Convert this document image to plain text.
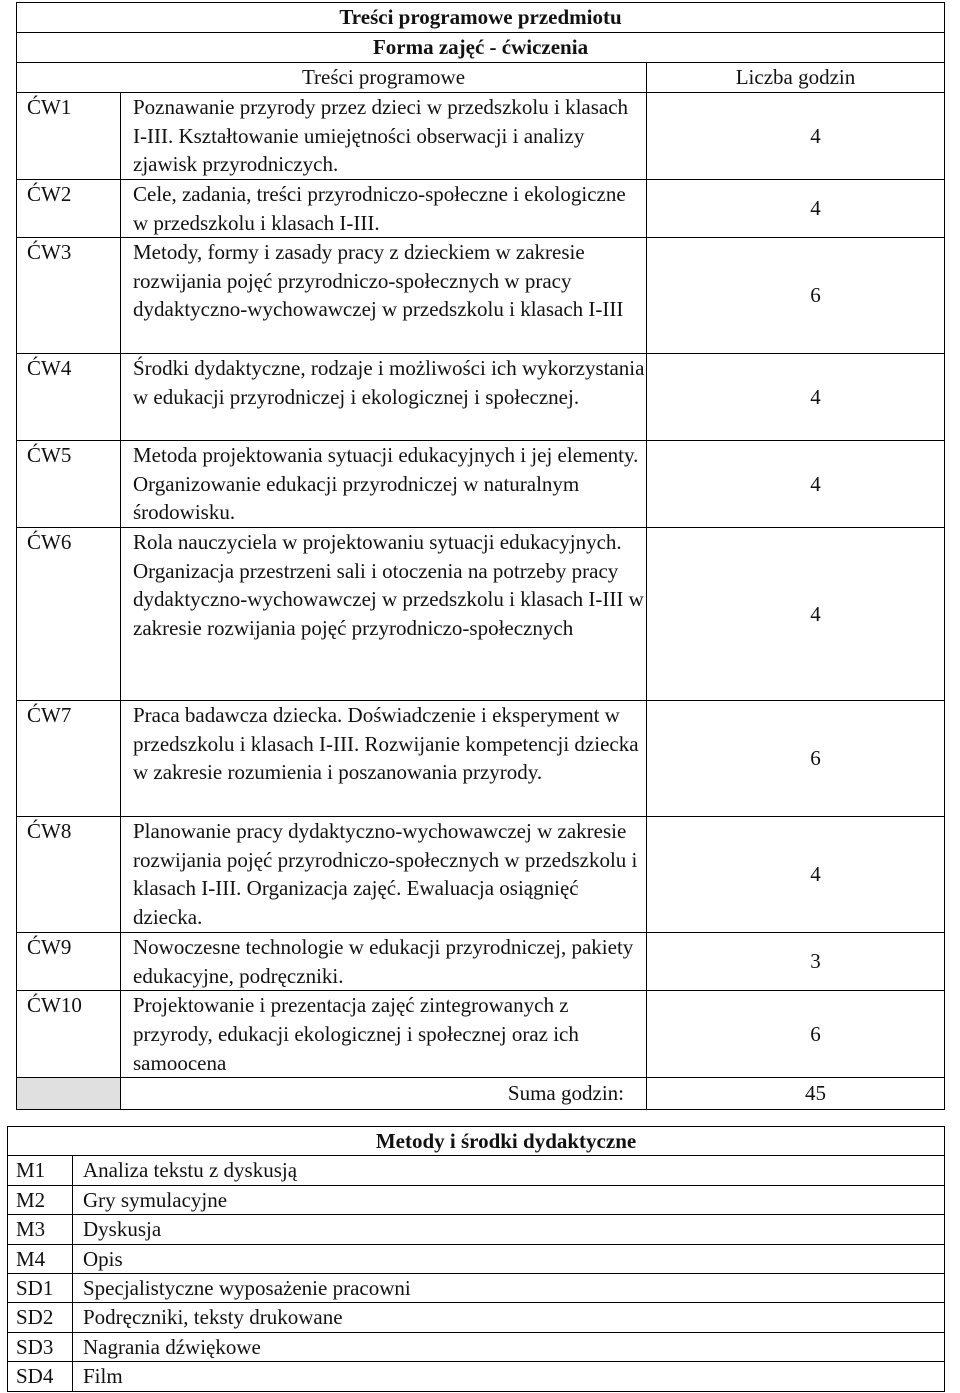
Treści programowe przedmiotu		
Forma zajęć - ćwiczenia		
Treści programowe		Liczba godzin
ĆW1	Poznawanie przyrody przez dzieci w przedszkolu i klasach I-III. Kształtowanie umiejętności obserwacji i analizy zjawisk przyrodniczych.	4
ĆW2	Cele, zadania, treści przyrodniczo-społeczne i ekologiczne w przedszkolu i klasach I-III.	4
ĆW3	Metody, formy i zasady pracy z dzieckiem w zakresie rozwijania pojęć przyrodniczo-społecznych w pracy dydaktyczno-wychowawczej w przedszkolu i klasach I-III	6
ĆW4	Środki dydaktyczne, rodzaje i możliwości ich wykorzystania w edukacji przyrodniczej i ekologicznej i społecznej.	4
ĆW5	Metoda projektowania sytuacji edukacyjnych i jej elementy. Organizowanie edukacji przyrodniczej w naturalnym środowisku.	4
ĆW6	Rola nauczyciela w projektowaniu sytuacji edukacyjnych. Organizacja przestrzeni sali i otoczenia na potrzeby pracy dydaktyczno-wychowawczej w przedszkolu i klasach I-III w zakresie rozwijania pojęć przyrodniczo-społecznych	4
ĆW7	Praca badawcza dziecka. Doświadczenie i eksperyment w przedszkolu i klasach I-III. Rozwijanie kompetencji dziecka w zakresie rozumienia i poszanowania przyrody.	6
ĆW8	Planowanie pracy dydaktyczno-wychowawczej w zakresie rozwijania pojęć przyrodniczo-społecznych w przedszkolu i klasach I-III. Organizacja zajęć. Ewaluacja osiągnięć dziecka.	4
ĆW9	Nowoczesne technologie w edukacji przyrodniczej, pakiety edukacyjne, podręczniki.	3
ĆW10	Projektowanie i prezentacja zajęć zintegrowanych z przyrody, edukacji ekologicznej i społecznej oraz ich samoocena	6
	Suma godzin:	45
Metody i środki dydaktyczne	
M1	Analiza tekstu z dyskusją
M2	Gry symulacyjne
M3	Dyskusja
M4	Opis
SD1	Specjalistyczne wyposażenie pracowni
SD2	Podręczniki, teksty drukowane
SD3	Nagrania dźwiękowe
SD4	Film
